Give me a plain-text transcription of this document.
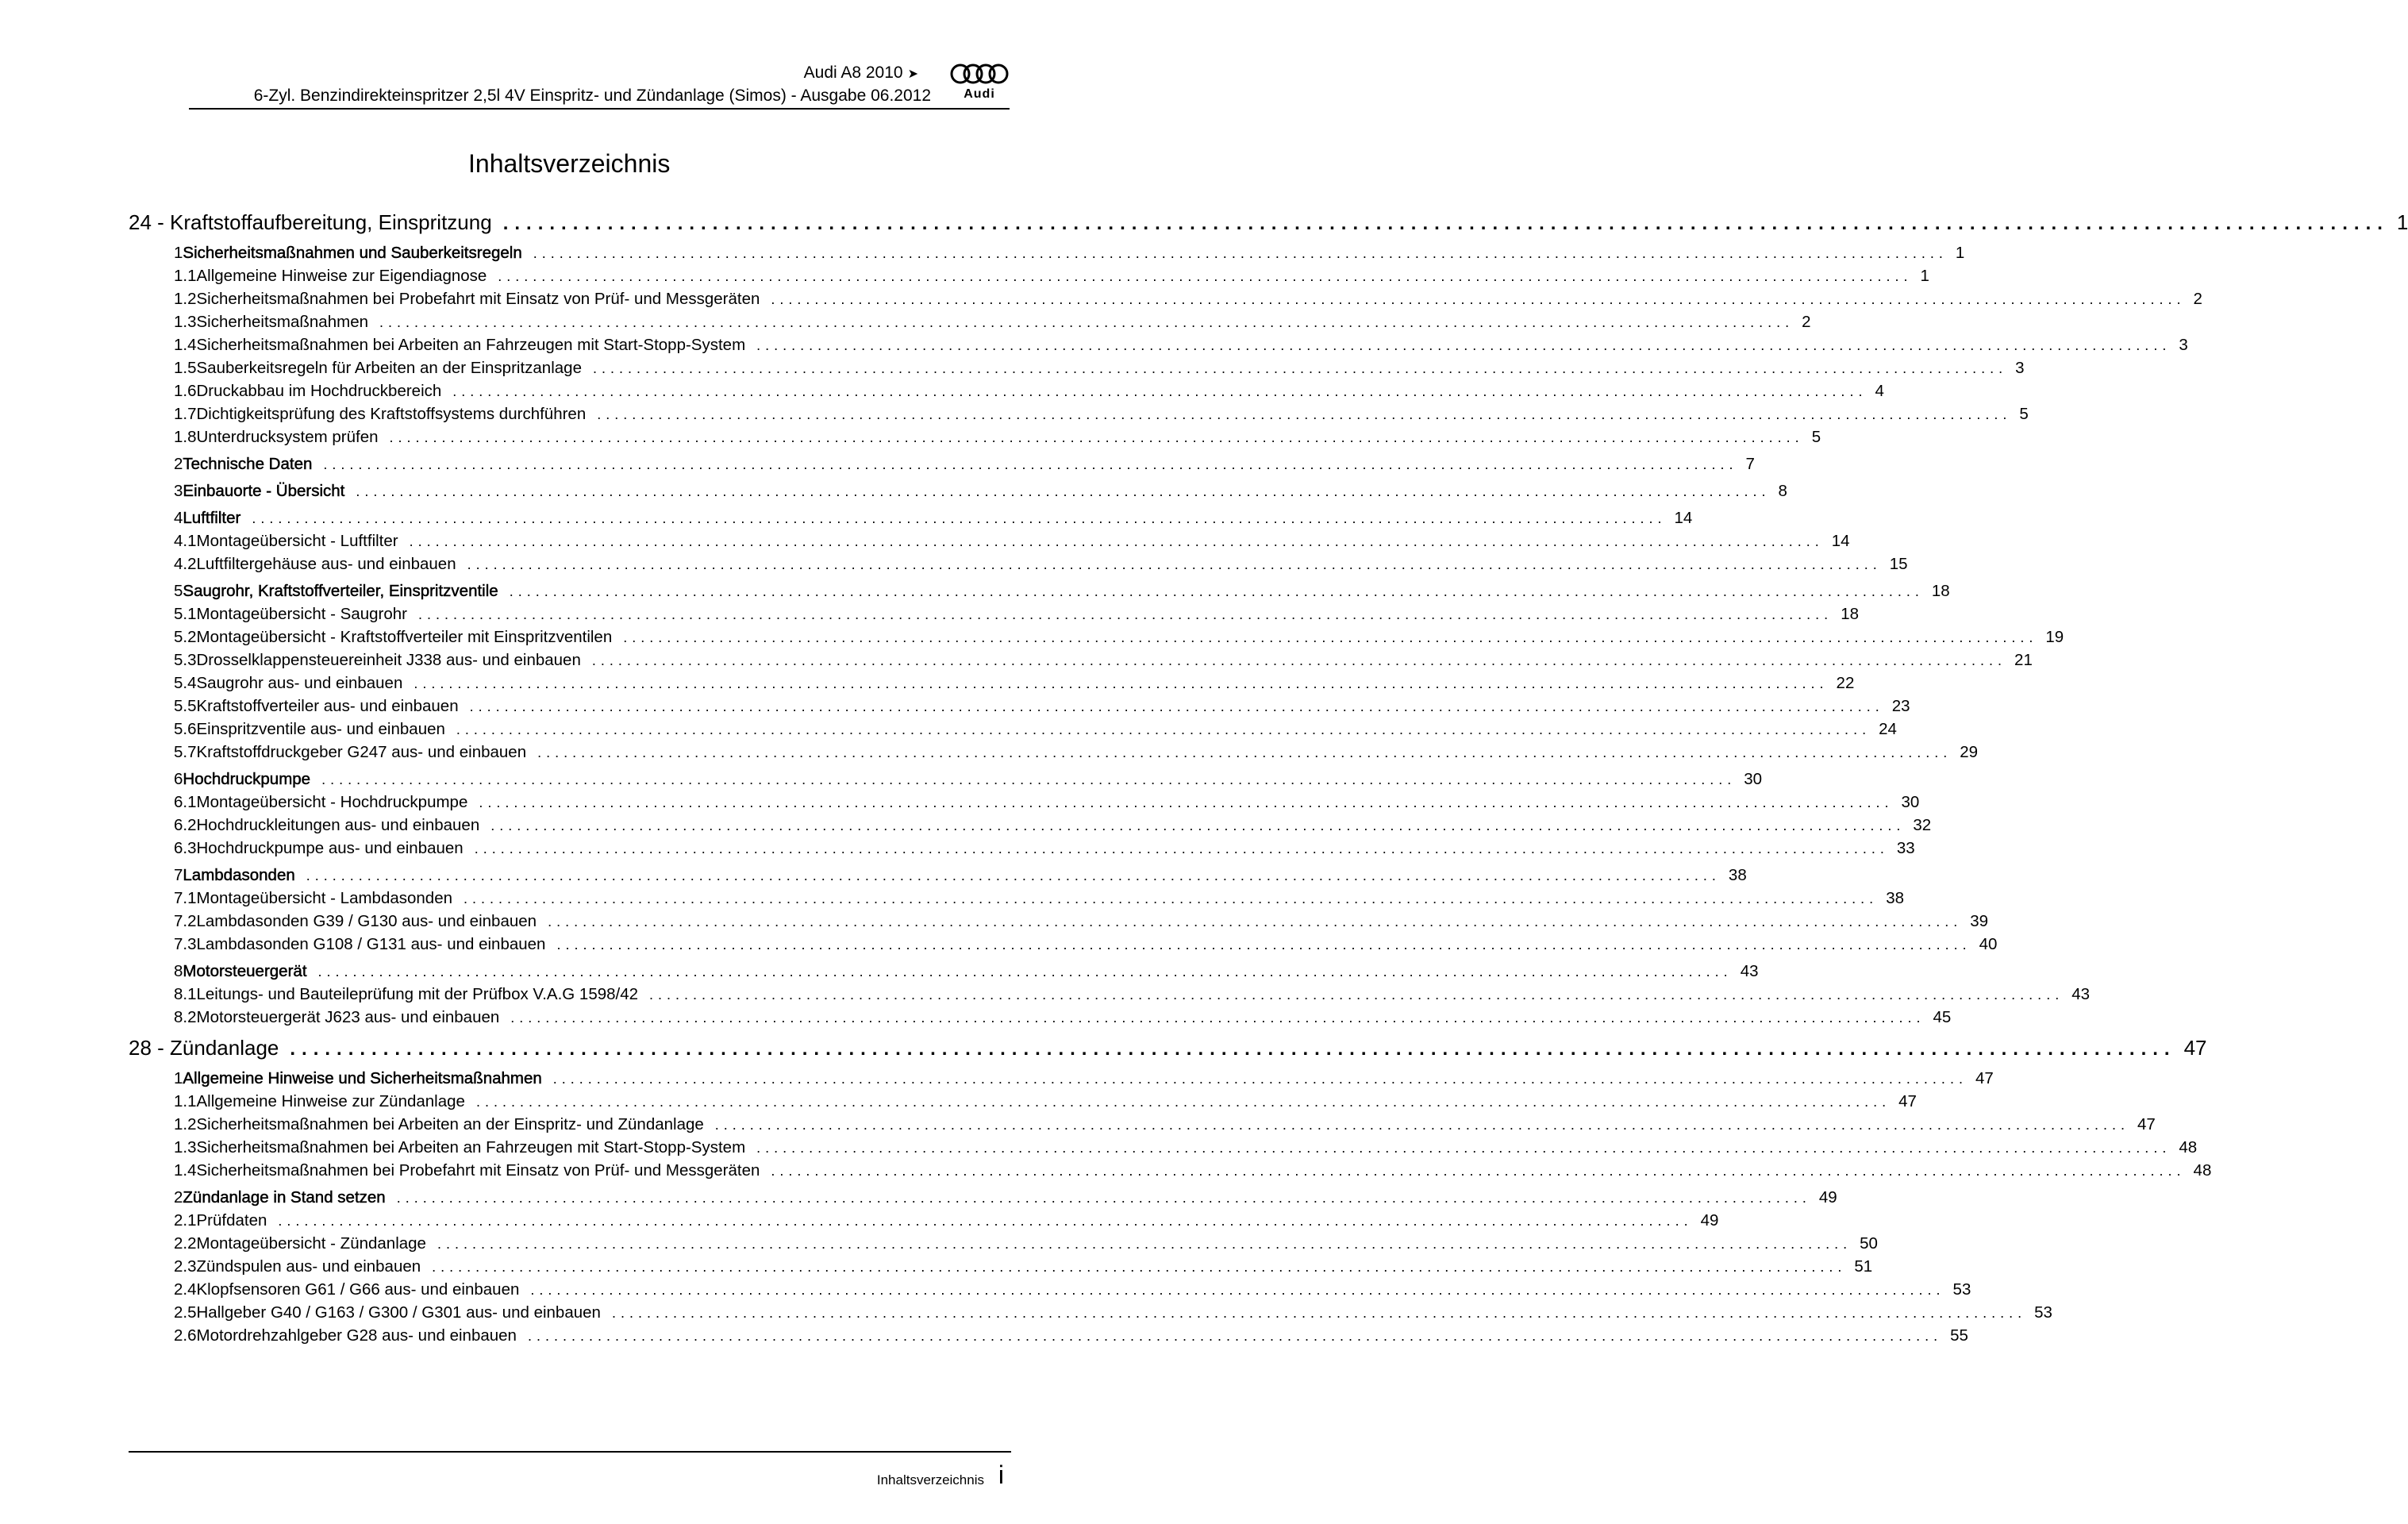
Audi A8 2010 ➤
6-Zyl. Benzindirekteinspritzer 2,5l 4V Einspritz- und Zündanlage (Simos) - Ausgabe 06.2012	Audi
Inhaltsverzeichnis
24 - Kraftstoffaufbereitung, Einspritzung .................................................................................................................................................................. 1
1 Sicherheitsmaßnahmen und Sauberkeitsregeln .................................................................................................................................................................. 1
1.1 Allgemeine Hinweise zur Eigendiagnose .................................................................................................................................................................. 1
1.2 Sicherheitsmaßnahmen bei Probefahrt mit Einsatz von Prüf- und Messgeräten .................................................................................................................................................................. 2
1.3 Sicherheitsmaßnahmen .................................................................................................................................................................. 2
1.4 Sicherheitsmaßnahmen bei Arbeiten an Fahrzeugen mit Start-Stopp-System .................................................................................................................................................................. 3
1.5 Sauberkeitsregeln für Arbeiten an der Einspritzanlage .................................................................................................................................................................. 3
1.6 Druckabbau im Hochdruckbereich .................................................................................................................................................................. 4
1.7 Dichtigkeitsprüfung des Kraftstoffsystems durchführen .................................................................................................................................................................. 5
1.8 Unterdrucksystem prüfen .................................................................................................................................................................. 5
2 Technische Daten .................................................................................................................................................................. 7
3 Einbauorte - Übersicht .................................................................................................................................................................. 8
4 Luftfilter .................................................................................................................................................................. 14
4.1 Montageübersicht - Luftfilter .................................................................................................................................................................. 14
4.2 Luftfiltergehäuse aus- und einbauen .................................................................................................................................................................. 15
5 Saugrohr, Kraftstoffverteiler, Einspritzventile .................................................................................................................................................................. 18
5.1 Montageübersicht - Saugrohr .................................................................................................................................................................. 18
5.2 Montageübersicht - Kraftstoffverteiler mit Einspritzventilen .................................................................................................................................................................. 19
5.3 Drosselklappensteuereinheit J338 aus- und einbauen .................................................................................................................................................................. 21
5.4 Saugrohr aus- und einbauen .................................................................................................................................................................. 22
5.5 Kraftstoffverteiler aus- und einbauen .................................................................................................................................................................. 23
5.6 Einspritzventile aus- und einbauen .................................................................................................................................................................. 24
5.7 Kraftstoffdruckgeber G247 aus- und einbauen .................................................................................................................................................................. 29
6 Hochdruckpumpe .................................................................................................................................................................. 30
6.1 Montageübersicht - Hochdruckpumpe .................................................................................................................................................................. 30
6.2 Hochdruckleitungen aus- und einbauen .................................................................................................................................................................. 32
6.3 Hochdruckpumpe aus- und einbauen .................................................................................................................................................................. 33
7 Lambdasonden .................................................................................................................................................................. 38
7.1 Montageübersicht - Lambdasonden .................................................................................................................................................................. 38
7.2 Lambdasonden G39 / G130 aus- und einbauen .................................................................................................................................................................. 39
7.3 Lambdasonden G108 / G131 aus- und einbauen .................................................................................................................................................................. 40
8 Motorsteuergerät .................................................................................................................................................................. 43
8.1 Leitungs- und Bauteileprüfung mit der Prüfbox V.A.G 1598/42 .................................................................................................................................................................. 43
8.2 Motorsteuergerät J623 aus- und einbauen .................................................................................................................................................................. 45
28 - Zündanlage .................................................................................................................................................................. 47
1 Allgemeine Hinweise und Sicherheitsmaßnahmen .................................................................................................................................................................. 47
1.1 Allgemeine Hinweise zur Zündanlage .................................................................................................................................................................. 47
1.2 Sicherheitsmaßnahmen bei Arbeiten an der Einspritz- und Zündanlage .................................................................................................................................................................. 47
1.3 Sicherheitsmaßnahmen bei Arbeiten an Fahrzeugen mit Start-Stopp-System .................................................................................................................................................................. 48
1.4 Sicherheitsmaßnahmen bei Probefahrt mit Einsatz von Prüf- und Messgeräten .................................................................................................................................................................. 48
2 Zündanlage in Stand setzen .................................................................................................................................................................. 49
2.1 Prüfdaten .................................................................................................................................................................. 49
2.2 Montageübersicht - Zündanlage .................................................................................................................................................................. 50
2.3 Zündspulen aus- und einbauen .................................................................................................................................................................. 51
2.4 Klopfsensoren G61 / G66 aus- und einbauen .................................................................................................................................................................. 53
2.5 Hallgeber G40 / G163 / G300 / G301 aus- und einbauen .................................................................................................................................................................. 53
2.6 Motordrehzahlgeber G28 aus- und einbauen .................................................................................................................................................................. 55
Inhaltsverzeichnis i
